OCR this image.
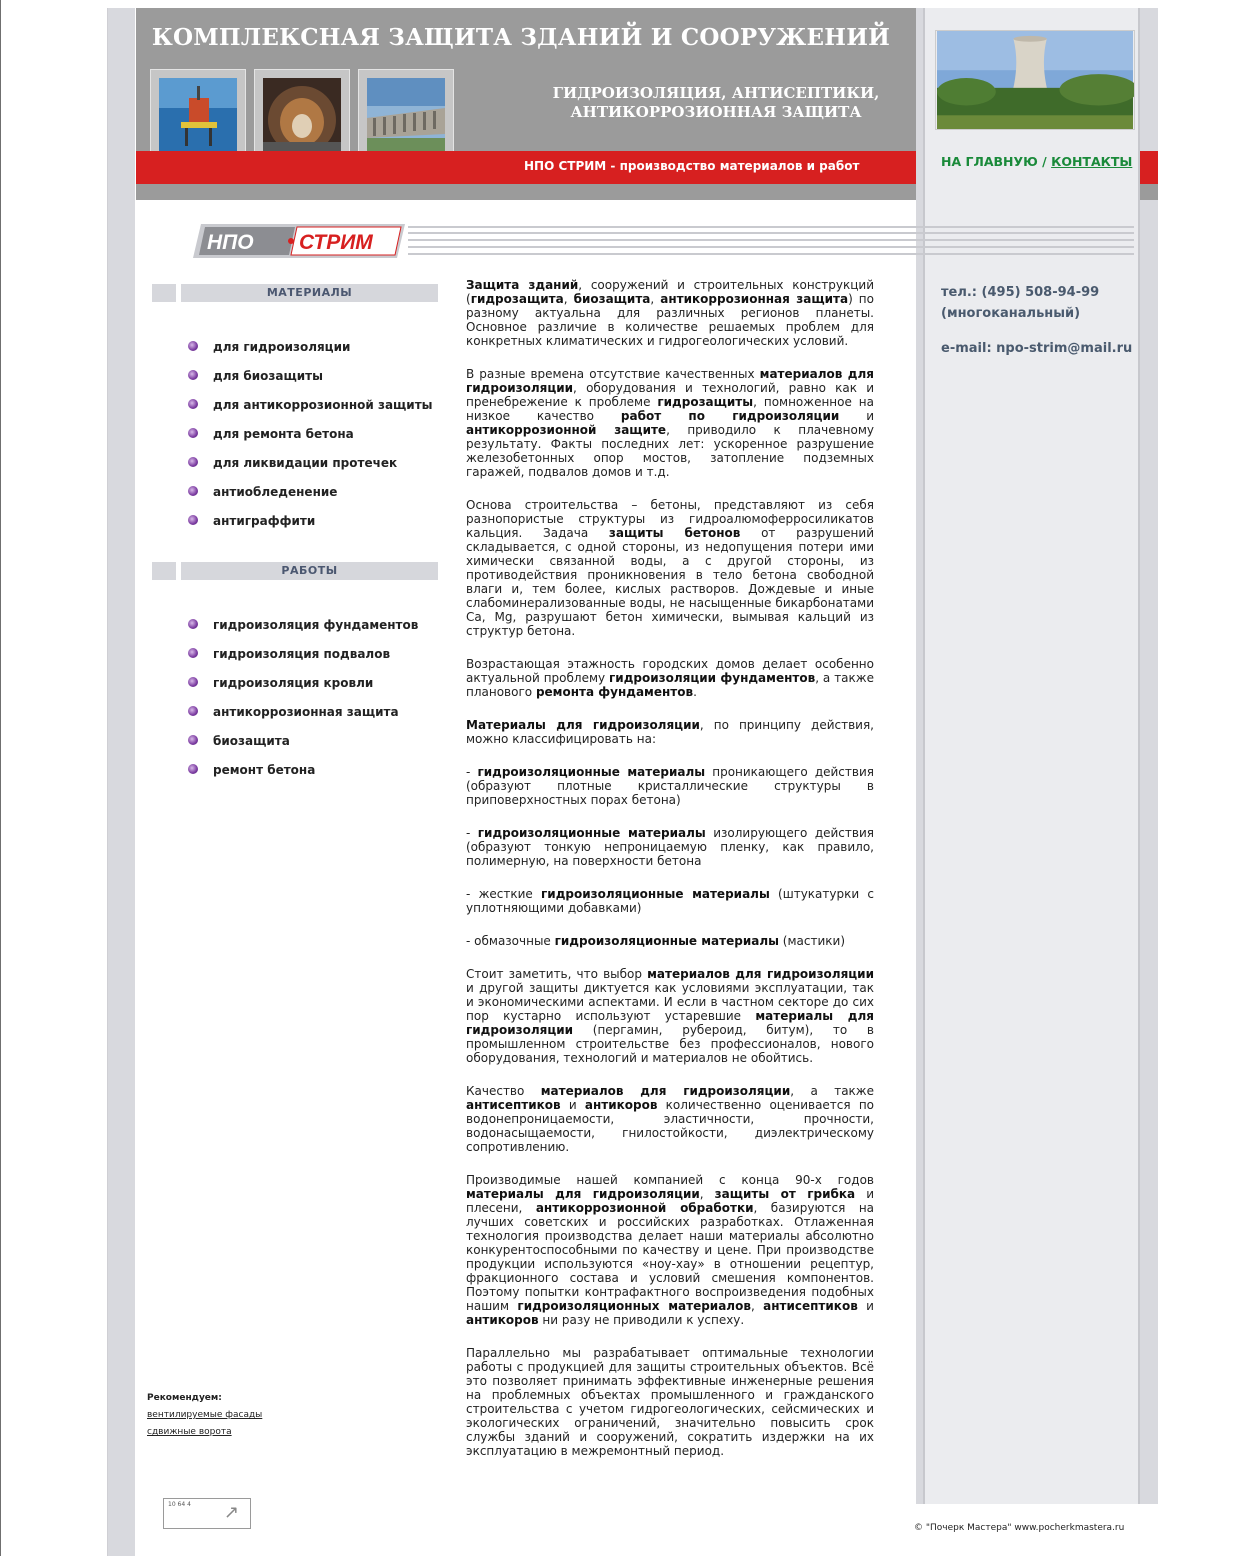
КОМПЛЕКСНАЯ ЗАЩИТА ЗДАНИЙ И СООРУЖЕНИЙ
ГИДРОИЗОЛЯЦИЯ, АНТИСЕПТИКИ,
АНТИКОРРОЗИОННАЯ ЗАЩИТА
НПО СТРИМ - производство материалов и работ	НА ГЛАВНУЮ / КОНТАКТЫ
тел.: (495) 508-94-99
(многоканальный)
e-mail: npo-strim@mail.ru
НПО СТРИМ
МАТЕРИАЛЫ
для гидроизоляции
для биозащиты
для антикоррозионной защиты
для ремонта бетона
для ликвидации протечек
антиобледенение
антиграффити
РАБОТЫ
гидроизоляция фундаментов
гидроизоляция подвалов
гидроизоляция кровли
антикоррозионная защита
биозащита
ремонт бетона
Рекомендуем:
вентилируемые фасады
сдвижные ворота
10 64 4 ↗

Защита зданий, сооружений и строительных конструкций (гидрозащита, биозащита, антикоррозионная защита) по разному актуальна для различных регионов планеты. Основное различие в количестве решаемых проблем для конкретных климатических и гидрогеологических условий.

В разные времена отсутствие качественных материалов для гидроизоляции, оборудования и технологий, равно как и пренебрежение к проблеме гидрозащиты, помноженное на низкое качество работ по гидроизоляции и антикоррозионной защите, приводило к плачевному результату. Факты последних лет: ускоренное разрушение железобетонных опор мостов, затопление подземных гаражей, подвалов домов и т.д.

Основа строительства – бетоны, представляют из себя разнопористые структуры из гидроалюмоферросиликатов кальция. Задача защиты бетонов от разрушений складывается, с одной стороны, из недопущения потери ими химически связанной воды, а с другой стороны, из противодействия проникновения в тело бетона свободной влаги и, тем более, кислых растворов. Дождевые и иные слабоминерализованные воды, не насыщенные бикарбонатами Ca, Mg, разрушают бетон химически, вымывая кальций из структур бетона.

Возрастающая этажность городских домов делает особенно актуальной проблему гидроизоляции фундаментов, а также планового ремонта фундаментов.

Материалы для гидроизоляции, по принципу действия, можно классифицировать на:

- гидроизоляционные материалы проникающего действия (образуют плотные кристаллические структуры в приповерхностных порах бетона)

- гидроизоляционные материалы изолирующего действия (образуют тонкую непроницаемую пленку, как правило, полимерную, на поверхности бетона

- жесткие гидроизоляционные материалы (штукатурки с уплотняющими добавками)

- обмазочные гидроизоляционные материалы (мастики)

Стоит заметить, что выбор материалов для гидроизоляции и другой защиты диктуется как условиями эксплуатации, так и экономическими аспектами. И если в частном секторе до сих пор кустарно используют устаревшие материалы для гидроизоляции (пергамин, рубероид, битум), то в промышленном строительстве без профессионалов, нового оборудования, технологий и материалов не обойтись.

Качество материалов для гидроизоляции, а также антисептиков и антикоров количественно оценивается по водонепроницаемости, эластичности, прочности, водонасыщаемости, гнилостойкости, диэлектрическому сопротивлению.

Производимые нашей компанией с конца 90-х годов материалы для гидроизоляции, защиты от грибка и плесени, антикоррозионной обработки, базируются на лучших советских и российских разработках. Отлаженная технология производства делает наши материалы абсолютно конкурентоспособными по качеству и цене. При производстве продукции используются «ноу-хау» в отношении рецептур, фракционного состава и условий смешения компонентов. Поэтому попытки контрафактного воспроизведения подобных нашим гидроизоляционных материалов, антисептиков и антикоров ни разу не приводили к успеху.

Параллельно мы разрабатывает оптимальные технологии работы с продукцией для защиты строительных объектов. Всё это позволяет принимать эффективные инженерные решения на проблемных объектах промышленного и гражданского строительства с учетом гидрогеологических, сейсмических и экологических ограничений, значительно повысить срок службы зданий и сооружений, сократить издержки на их эксплуатацию в межремонтный период.

© "Почерк Мастера" www.pocherkmastera.ru
